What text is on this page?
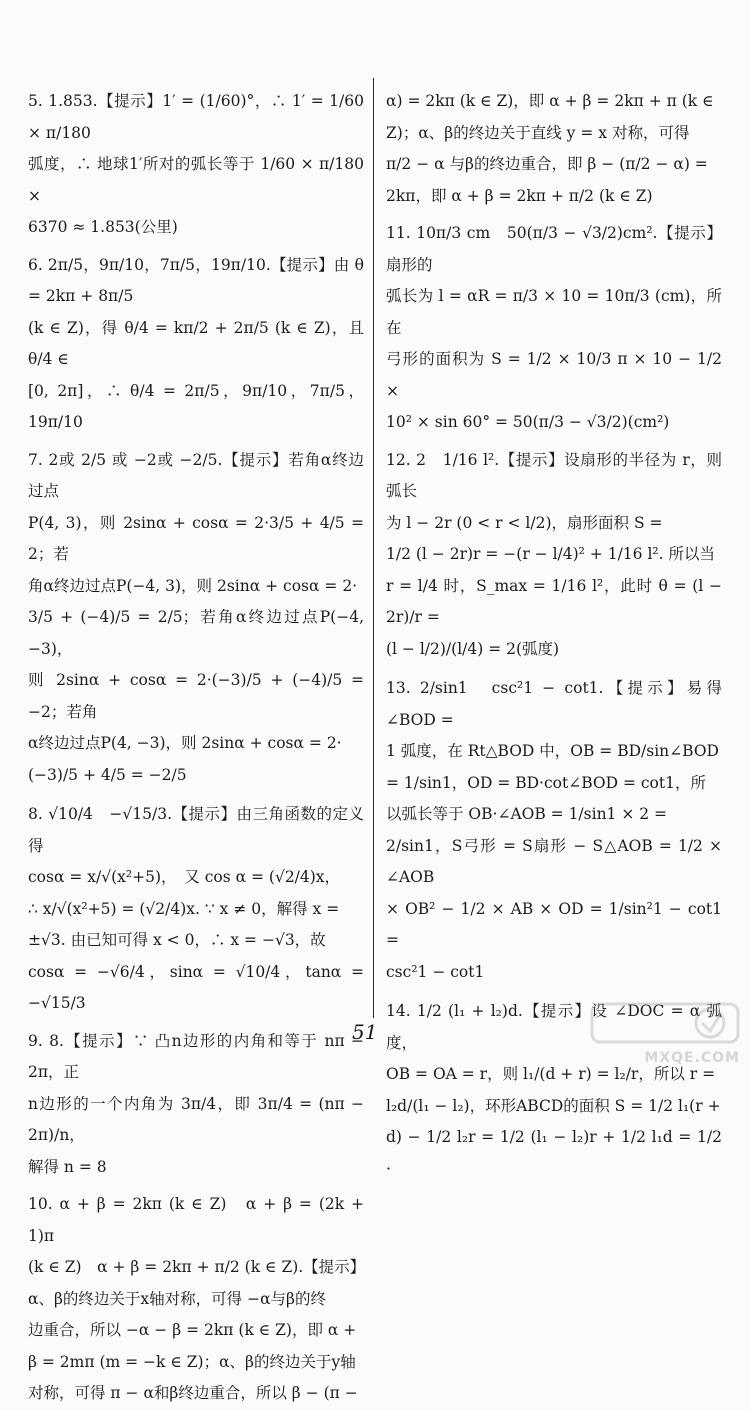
5. 1.853.【提示】1′ = (1/60)°，∴ 1′ = 1/60 × π/180

弧度，∴ 地球1′所对的弧长等于 1/60 × π/180 ×

6370 ≈ 1.853(公里)

6. 2π/5，9π/10，7π/5，19π/10.【提示】由 θ = 2kπ + 8π/5

(k ∈ Z)，得 θ/4 = kπ/2 + 2π/5 (k ∈ Z)，且 θ/4 ∈

[0, 2π]，∴ θ/4 = 2π/5，9π/10，7π/5，19π/10

7. 2或 2/5 或 −2或 −2/5.【提示】若角α终边过点

P(4, 3)，则 2sinα + cosα = 2·3/5 + 4/5 = 2；若

角α终边过点P(−4, 3)，则 2sinα + cosα = 2·

3/5 + (−4)/5 = 2/5；若角α终边过点P(−4, −3)，

则 2sinα + cosα = 2·(−3)/5 + (−4)/5 = −2；若角

α终边过点P(4, −3)，则 2sinα + cosα = 2·

(−3)/5 + 4/5 = −2/5

8. √10/4　−√15/3.【提示】由三角函数的定义得

cosα = x/√(x²+5)，　又 cos α = (√2/4)x，

∴ x/√(x²+5) = (√2/4)x. ∵ x ≠ 0，解得 x =

±√3. 由已知可得 x < 0，∴ x = −√3，故

cosα = −√6/4，sinα = √10/4，tanα = −√15/3

9. 8.【提示】∵ 凸n边形的内角和等于 nπ − 2π，正

n边形的一个内角为 3π/4，即 3π/4 = (nπ − 2π)/n，

解得 n = 8

10. α + β = 2kπ (k ∈ Z)　α + β = (2k + 1)π

(k ∈ Z)　α + β = 2kπ + π/2 (k ∈ Z).【提示】

α、β的终边关于x轴对称，可得 −α与β的终

边重合，所以 −α − β = 2kπ (k ∈ Z)，即 α +

β = 2mπ (m = −k ∈ Z)；α、β的终边关于y轴

对称，可得 π − α和β终边重合，所以 β − (π −

α) = 2kπ (k ∈ Z)，即 α + β = 2kπ + π (k ∈

Z)；α、β的终边关于直线 y = x 对称，可得

π/2 − α 与β的终边重合，即 β − (π/2 − α) =

2kπ，即 α + β = 2kπ + π/2 (k ∈ Z)

11. 10π/3 cm　50(π/3 − √3/2)cm².【提示】扇形的

弧长为 l = αR = π/3 × 10 = 10π/3 (cm)，所在

弓形的面积为 S = 1/2 × 10/3 π × 10 − 1/2 ×

10² × sin 60° = 50(π/3 − √3/2)(cm²)

12. 2　1/16 l².【提示】设扇形的半径为 r，则弧长

为 l − 2r (0 < r < l/2)，扇形面积 S =

1/2 (l − 2r)r = −(r − l/4)² + 1/16 l². 所以当

r = l/4 时，S_max = 1/16 l²，此时 θ = (l − 2r)/r =

(l − l/2)/(l/4) = 2(弧度)

13. 2/sin1　csc²1 − cot1.【提示】易得 ∠BOD =

1 弧度，在 Rt△BOD 中，OB = BD/sin∠BOD

= 1/sin1，OD = BD·cot∠BOD = cot1，所

以弧长等于 OB·∠AOB = 1/sin1 × 2 =

2/sin1，S弓形 = S扇形 − S△AOB = 1/2 × ∠AOB

× OB² − 1/2 × AB × OD = 1/sin²1 − cot1 =

csc²1 − cot1

14. 1/2 (l₁ + l₂)d.【提示】设 ∠DOC = α 弧度，

OB = OA = r，则 l₁/(d + r) = l₂/r，所以 r =

l₂d/(l₁ − l₂)，环形ABCD的面积 S = 1/2 l₁(r +

d) − 1/2 l₂r = 1/2 (l₁ − l₂)r + 1/2 l₁d = 1/2 ·

51
MXQE.COM
